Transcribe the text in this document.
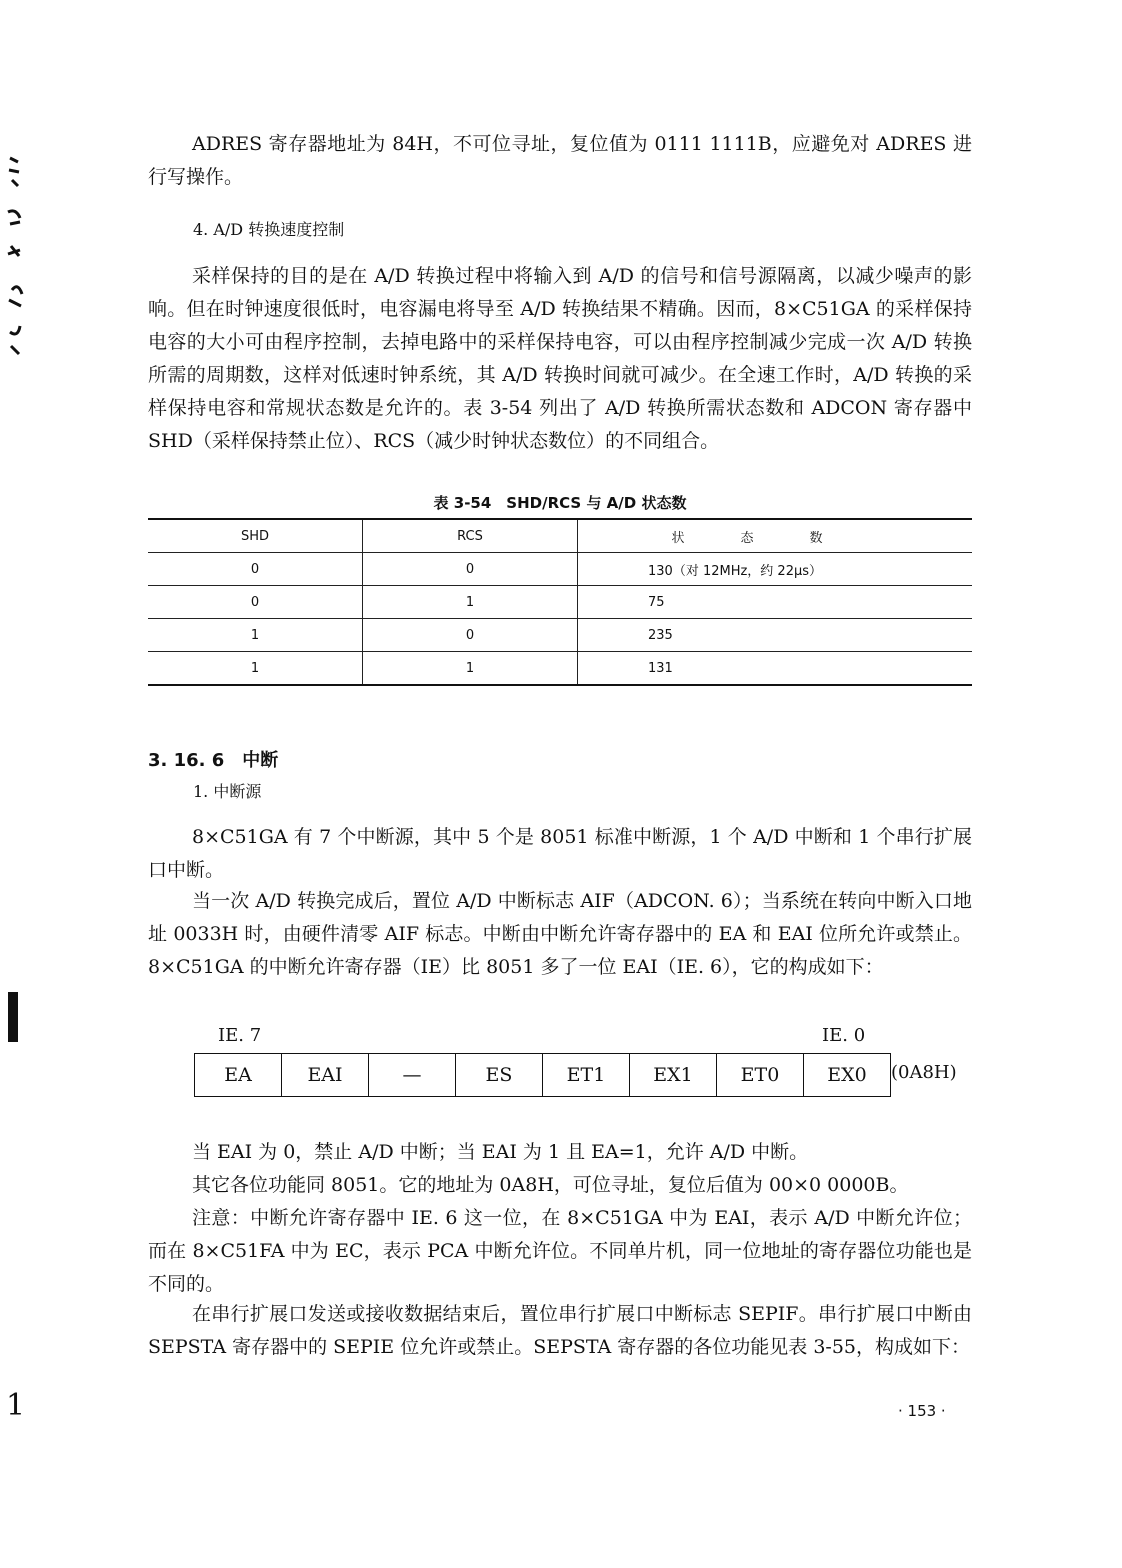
1

ADRES 寄存器地址为 84H，不可位寻址，复位值为 0111 1111B，应避免对 ADRES 进行写操作。

4. A/D 转换速度控制

采样保持的目的是在 A/D 转换过程中将输入到 A/D 的信号和信号源隔离，以减少噪声的影响。但在时钟速度很低时，电容漏电将导至 A/D 转换结果不精确。因而，8×C51GA 的采样保持电容的大小可由程序控制，去掉电路中的采样保持电容，可以由程序控制减少完成一次 A/D 转换所需的周期数，这样对低速时钟系统，其 A/D 转换时间就可减少。在全速工作时，A/D 转换的采样保持电容和常规状态数是允许的。表 3-54 列出了 A/D 转换所需状态数和 ADCON 寄存器中 SHD（采样保持禁止位）、RCS（减少时钟状态数位）的不同组合。

表 3-54　SHD/RCS 与 A/D 状态数
SHD	RCS	状态数
0	0	130（对 12MHz，约 22μs）
0	1	75
1	0	235
1	1	131

3. 16. 6　中断

1. 中断源

8×C51GA 有 7 个中断源，其中 5 个是 8051 标准中断源，1 个 A/D 中断和 1 个串行扩展口中断。

当一次 A/D 转换完成后，置位 A/D 中断标志 AIF（ADCON. 6）；当系统在转向中断入口地址 0033H 时，由硬件清零 AIF 标志。中断由中断允许寄存器中的 EA 和 EAI 位所允许或禁止。8×C51GA 的中断允许寄存器（IE）比 8051 多了一位 EAI（IE. 6），它的构成如下：

IE. 7	IE. 0
EA	EAI	—	ES	ET1	EX1	ET0	EX0	(0A8H)

当 EAI 为 0，禁止 A/D 中断；当 EAI 为 1 且 EA=1，允许 A/D 中断。

其它各位功能同 8051。它的地址为 0A8H，可位寻址，复位后值为 00×0 0000B。

注意：中断允许寄存器中 IE. 6 这一位，在 8×C51GA 中为 EAI，表示 A/D 中断允许位；而在 8×C51FA 中为 EC，表示 PCA 中断允许位。不同单片机，同一位地址的寄存器位功能也是不同的。

在串行扩展口发送或接收数据结束后，置位串行扩展口中断标志 SEPIF。串行扩展口中断由 SEPSTA 寄存器中的 SEPIE 位允许或禁止。SEPSTA 寄存器的各位功能见表 3-55，构成如下：

· 153 ·
